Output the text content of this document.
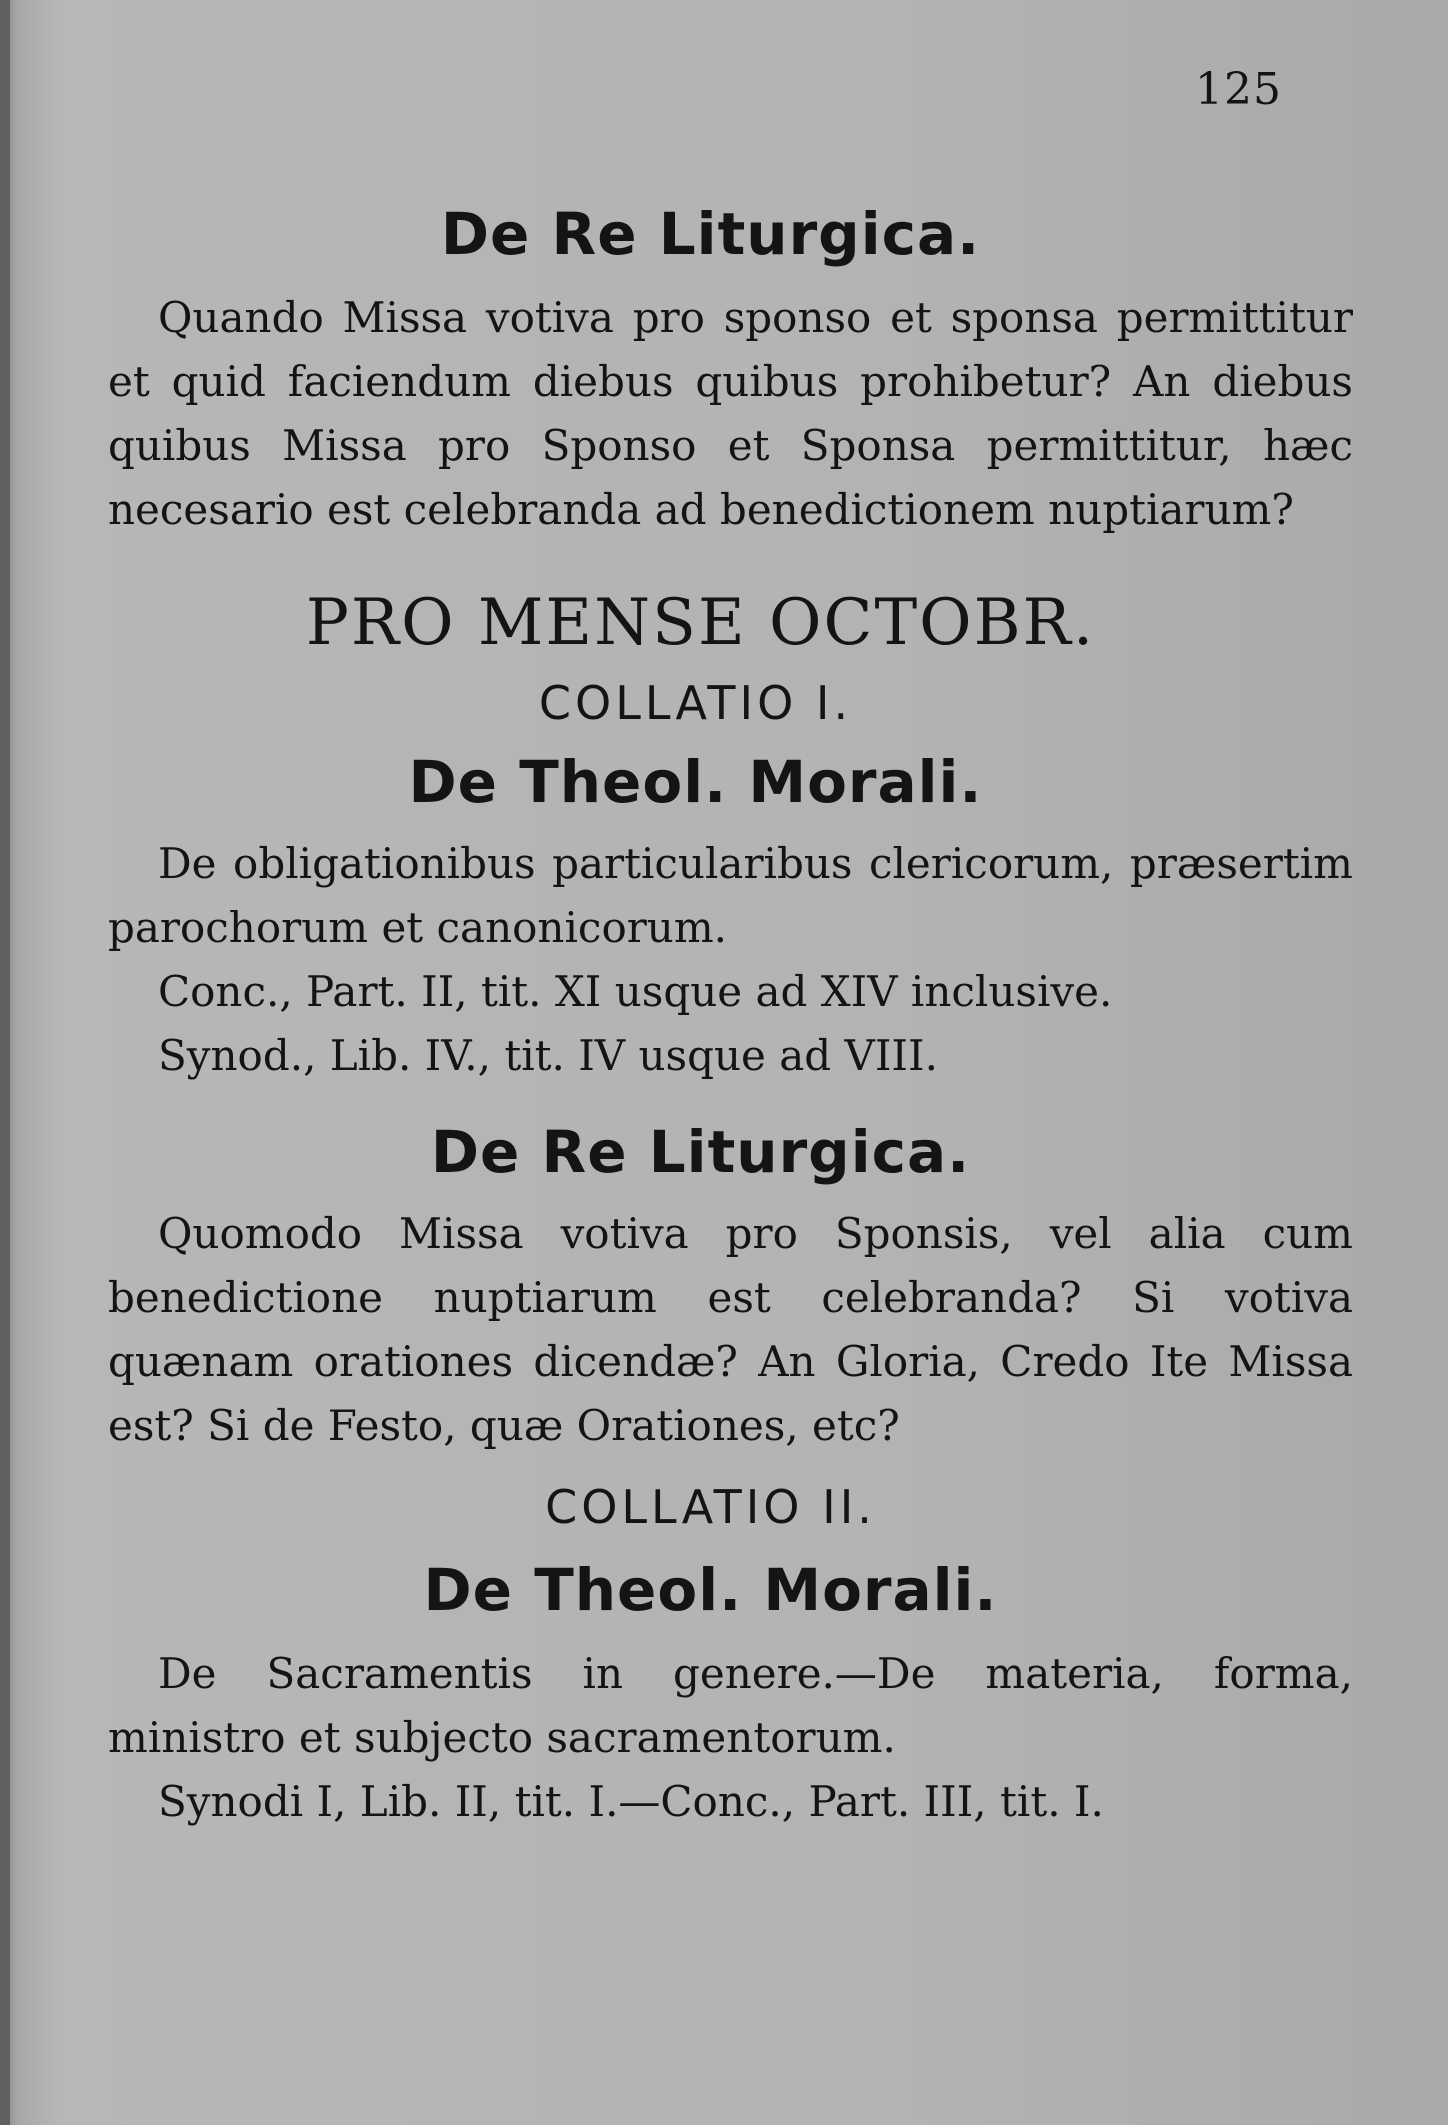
125
De Re Liturgica.

Quando Missa votiva pro sponso et sponsa permittitur et quid faciendum diebus quibus prohibetur? An diebus quibus Missa pro Sponso et Sponsa permittitur, hæc necesario est celebranda ad benedictionem nuptiarum?

PRO MENSE OCTOBR.
COLLATIO I.
De Theol. Morali.

De obligationibus particularibus clericorum, præsertim parochorum et canonicorum.

Conc., Part. II, tit. XI usque ad XIV inclusive.

Synod., Lib. IV., tit. IV usque ad VIII.

De Re Liturgica.

Quomodo Missa votiva pro Sponsis, vel alia cum benedictione nuptiarum est celebranda? Si votiva quænam orationes dicendæ? An Gloria, Credo Ite Missa est? Si de Festo, quæ Orationes, etc?

COLLATIO II.
De Theol. Morali.

De Sacramentis in genere.—De materia, forma, ministro et subjecto sacramentorum.

Synodi I, Lib. II, tit. I.—Conc., Part. III, tit. I.
